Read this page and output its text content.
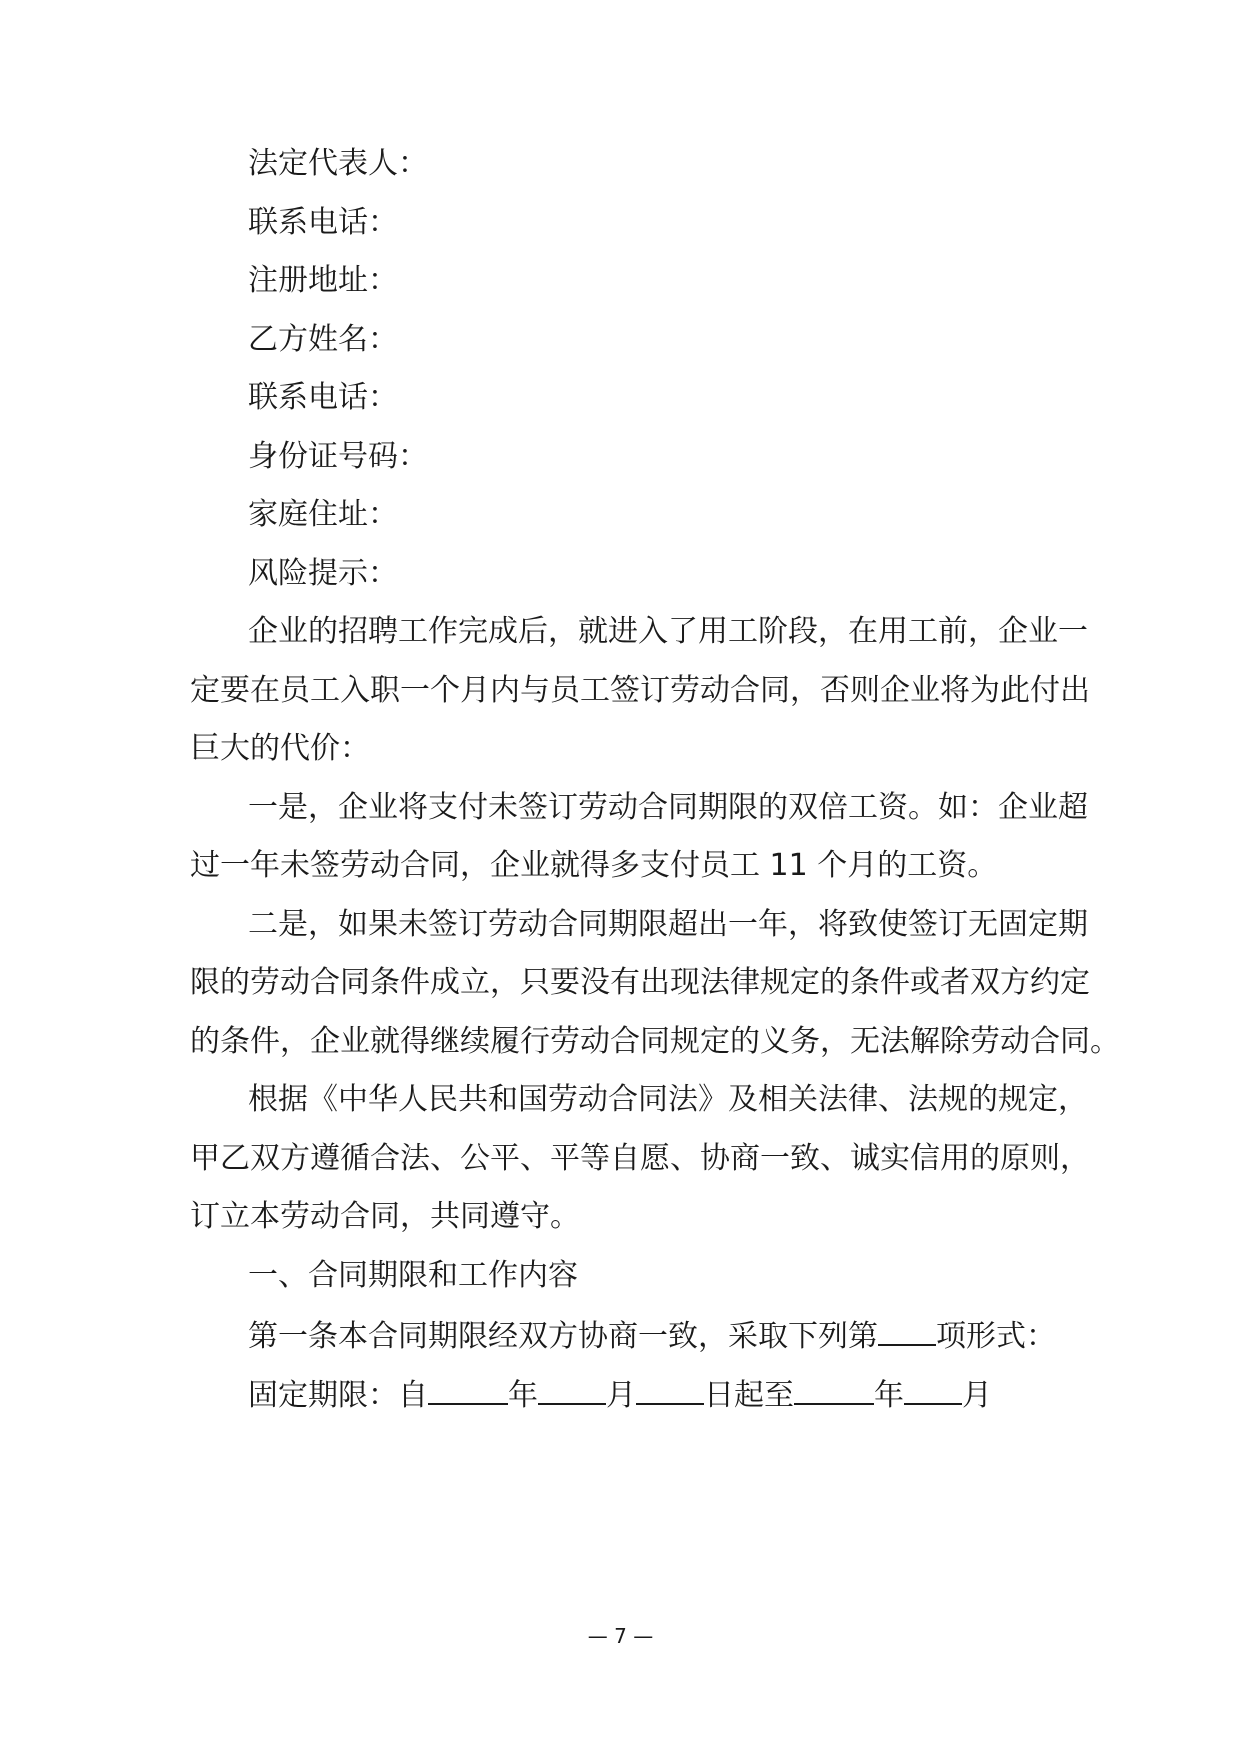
法定代表人：
联系电话：
注册地址：
乙方姓名：
联系电话：
身份证号码：
家庭住址：
风险提示：
企业的招聘工作完成后，就进入了用工阶段，在用工前，企业一
定要在员工入职一个月内与员工签订劳动合同，否则企业将为此付出
巨大的代价：
一是，企业将支付未签订劳动合同期限的双倍工资。如：企业超
过一年未签劳动合同，企业就得多支付员工 11 个月的工资。
二是，如果未签订劳动合同期限超出一年，将致使签订无固定期
限的劳动合同条件成立，只要没有出现法律规定的条件或者双方约定
的条件，企业就得继续履行劳动合同规定的义务，无法解除劳动合同。
根据《中华人民共和国劳动合同法》及相关法律、法规的规定，
甲乙双方遵循合法、公平、平等自愿、协商一致、诚实信用的原则，
订立本劳动合同，共同遵守。
一、合同期限和工作内容
第一条本合同期限经双方协商一致，采取下列第 项形式：
固定期限：自	年 月 日起至	年 月
— 7 —
